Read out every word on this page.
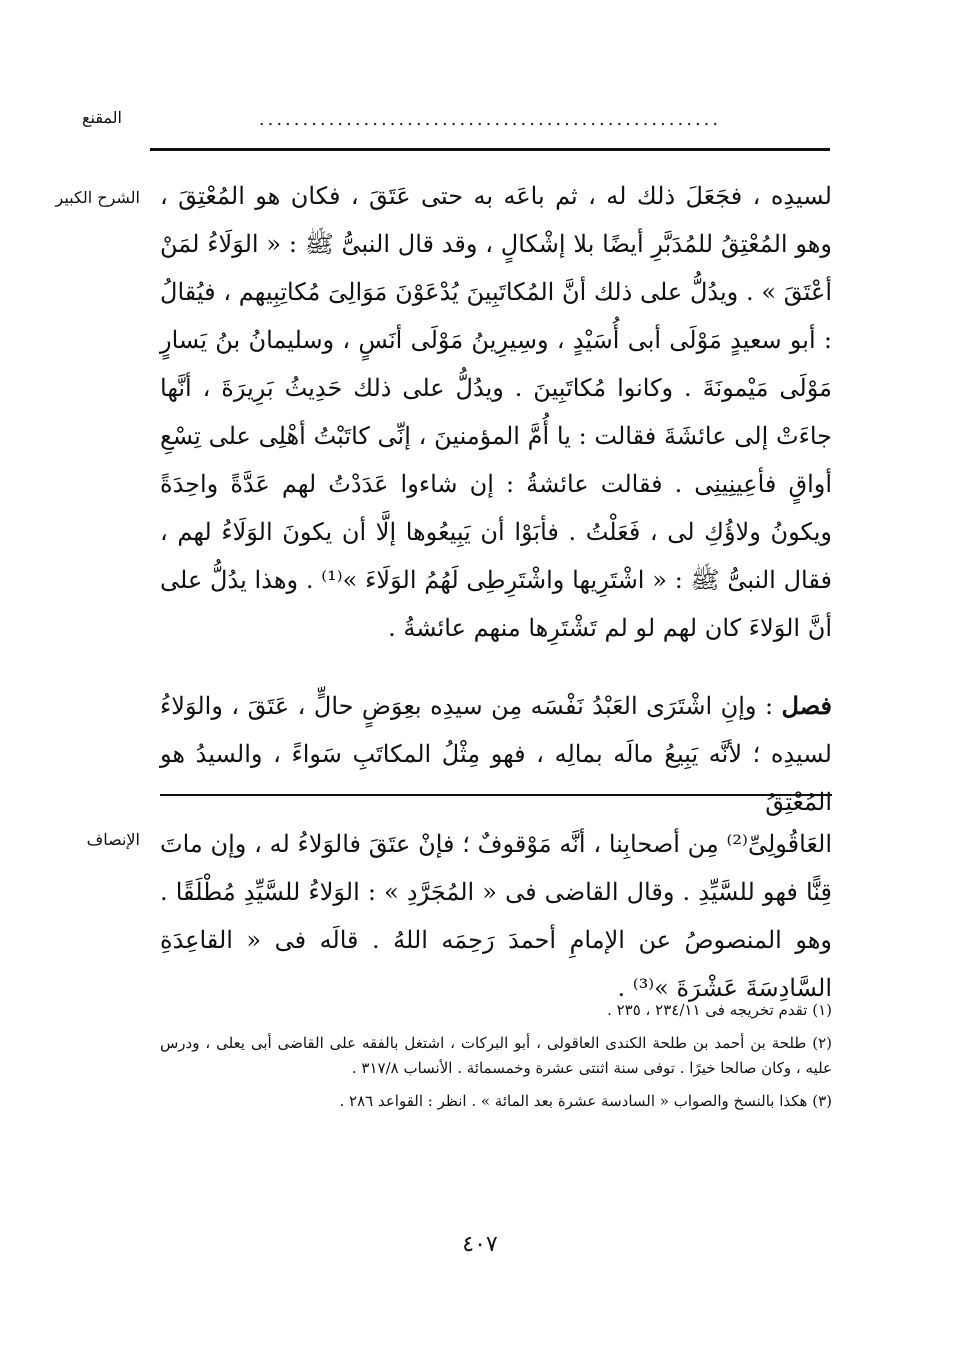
.....................................................
المقنع
الشرح الكبير لسيدِه ، فجَعَلَ ذلك له ، ثم باعَه به حتى عَتَقَ ، فكان هو المُعْتِقَ ، وهو المُعْتِقُ للمُدَبَّرِ أيضًا بلا إشْكالٍ ، وقد قال النبىُّ ﷺ : « الوَلَاءُ لمَنْ أعْتَقَ » . ويدُلُّ على ذلك أنَّ المُكاتَبِينَ يُدْعَوْنَ مَوَالِىَ مُكاتِبِيهم ، فيُقالُ : أبو سعيدٍ مَوْلَى أبى أُسَيْدٍ ، وسِيرِينُ مَوْلَى أنَسٍ ، وسليمانُ بنُ يَسارٍ مَوْلَى مَيْمونَةَ . وكانوا مُكاتَبِينَ . ويدُلُّ على ذلك حَدِيثُ بَرِيرَةَ ، أنَّها جاءَتْ إلى عائشَةَ فقالت : يا أُمَّ المؤمنينَ ، إنِّى كاتَبْتُ أهْلِى على تِسْعِ أواقٍ فأعِينِينِى . فقالت عائشةُ : إن شاءوا عَدَدْتُ لهم عَدَّةً واحِدَةً ويكونُ ولاؤُكِ لى ، فَعَلْتُ . فأبَوْا أن يَبِيعُوها إلَّا أن يكونَ الوَلَاءُ لهم ، فقال النبىُّ ﷺ : « اشْتَرِيها واشْتَرِطِى لَهُمُ الوَلَاءَ »⁽¹⁾ . وهذا يدُلُّ على أنَّ الوَلاءَ كان لهم لو لم تَشْتَرِها منهم عائشةُ .
فصل : وإنِ اشْتَرَى العَبْدُ نَفْسَه مِن سيدِه بعِوَضٍ حالٍّ ، عَتَقَ ، والوَلاءُ لسيدِه ؛ لأنَّه يَبِيعُ مالَه بمالِه ، فهو مِثْلُ المكاتَبِ سَواءً ، والسيدُ هو المُعْتِقُ
الإنصاف العَاقُولِىِّ⁽²⁾ مِن أصحابِنا ، أنَّه مَوْقوفٌ ؛ فإنْ عتَقَ فالوَلاءُ له ، وإن ماتَ قِنًّا فهو للسَّيِّدِ . وقال القاضى فى « المُجَرَّدِ » : الوَلاءُ للسَّيِّدِ مُطْلَقًا . وهو المنصوصُ عن الإمامِ أحمدَ رَحِمَه اللهُ . قالَه فى « القاعِدَةِ السَّادِسَةَ عَشْرَةَ »⁽³⁾ .

(١) تقدم تخريجه فى ٢٣٤/١١ ، ٢٣٥ .

(٢) طلحة بن أحمد بن طلحة الكندى العاقولى ، أبو البركات ، اشتغل بالفقه على القاضى أبى يعلى ، ودرس عليه ، وكان صالحا خيرًا . توفى سنة اثنتى عشرة وخمسمائة . الأنساب ٣١٧/٨ .

(٣) هكذا بالنسخ والصواب « السادسة عشرة بعد المائة » . انظر : القواعد ٢٨٦ .

٤٠٧
